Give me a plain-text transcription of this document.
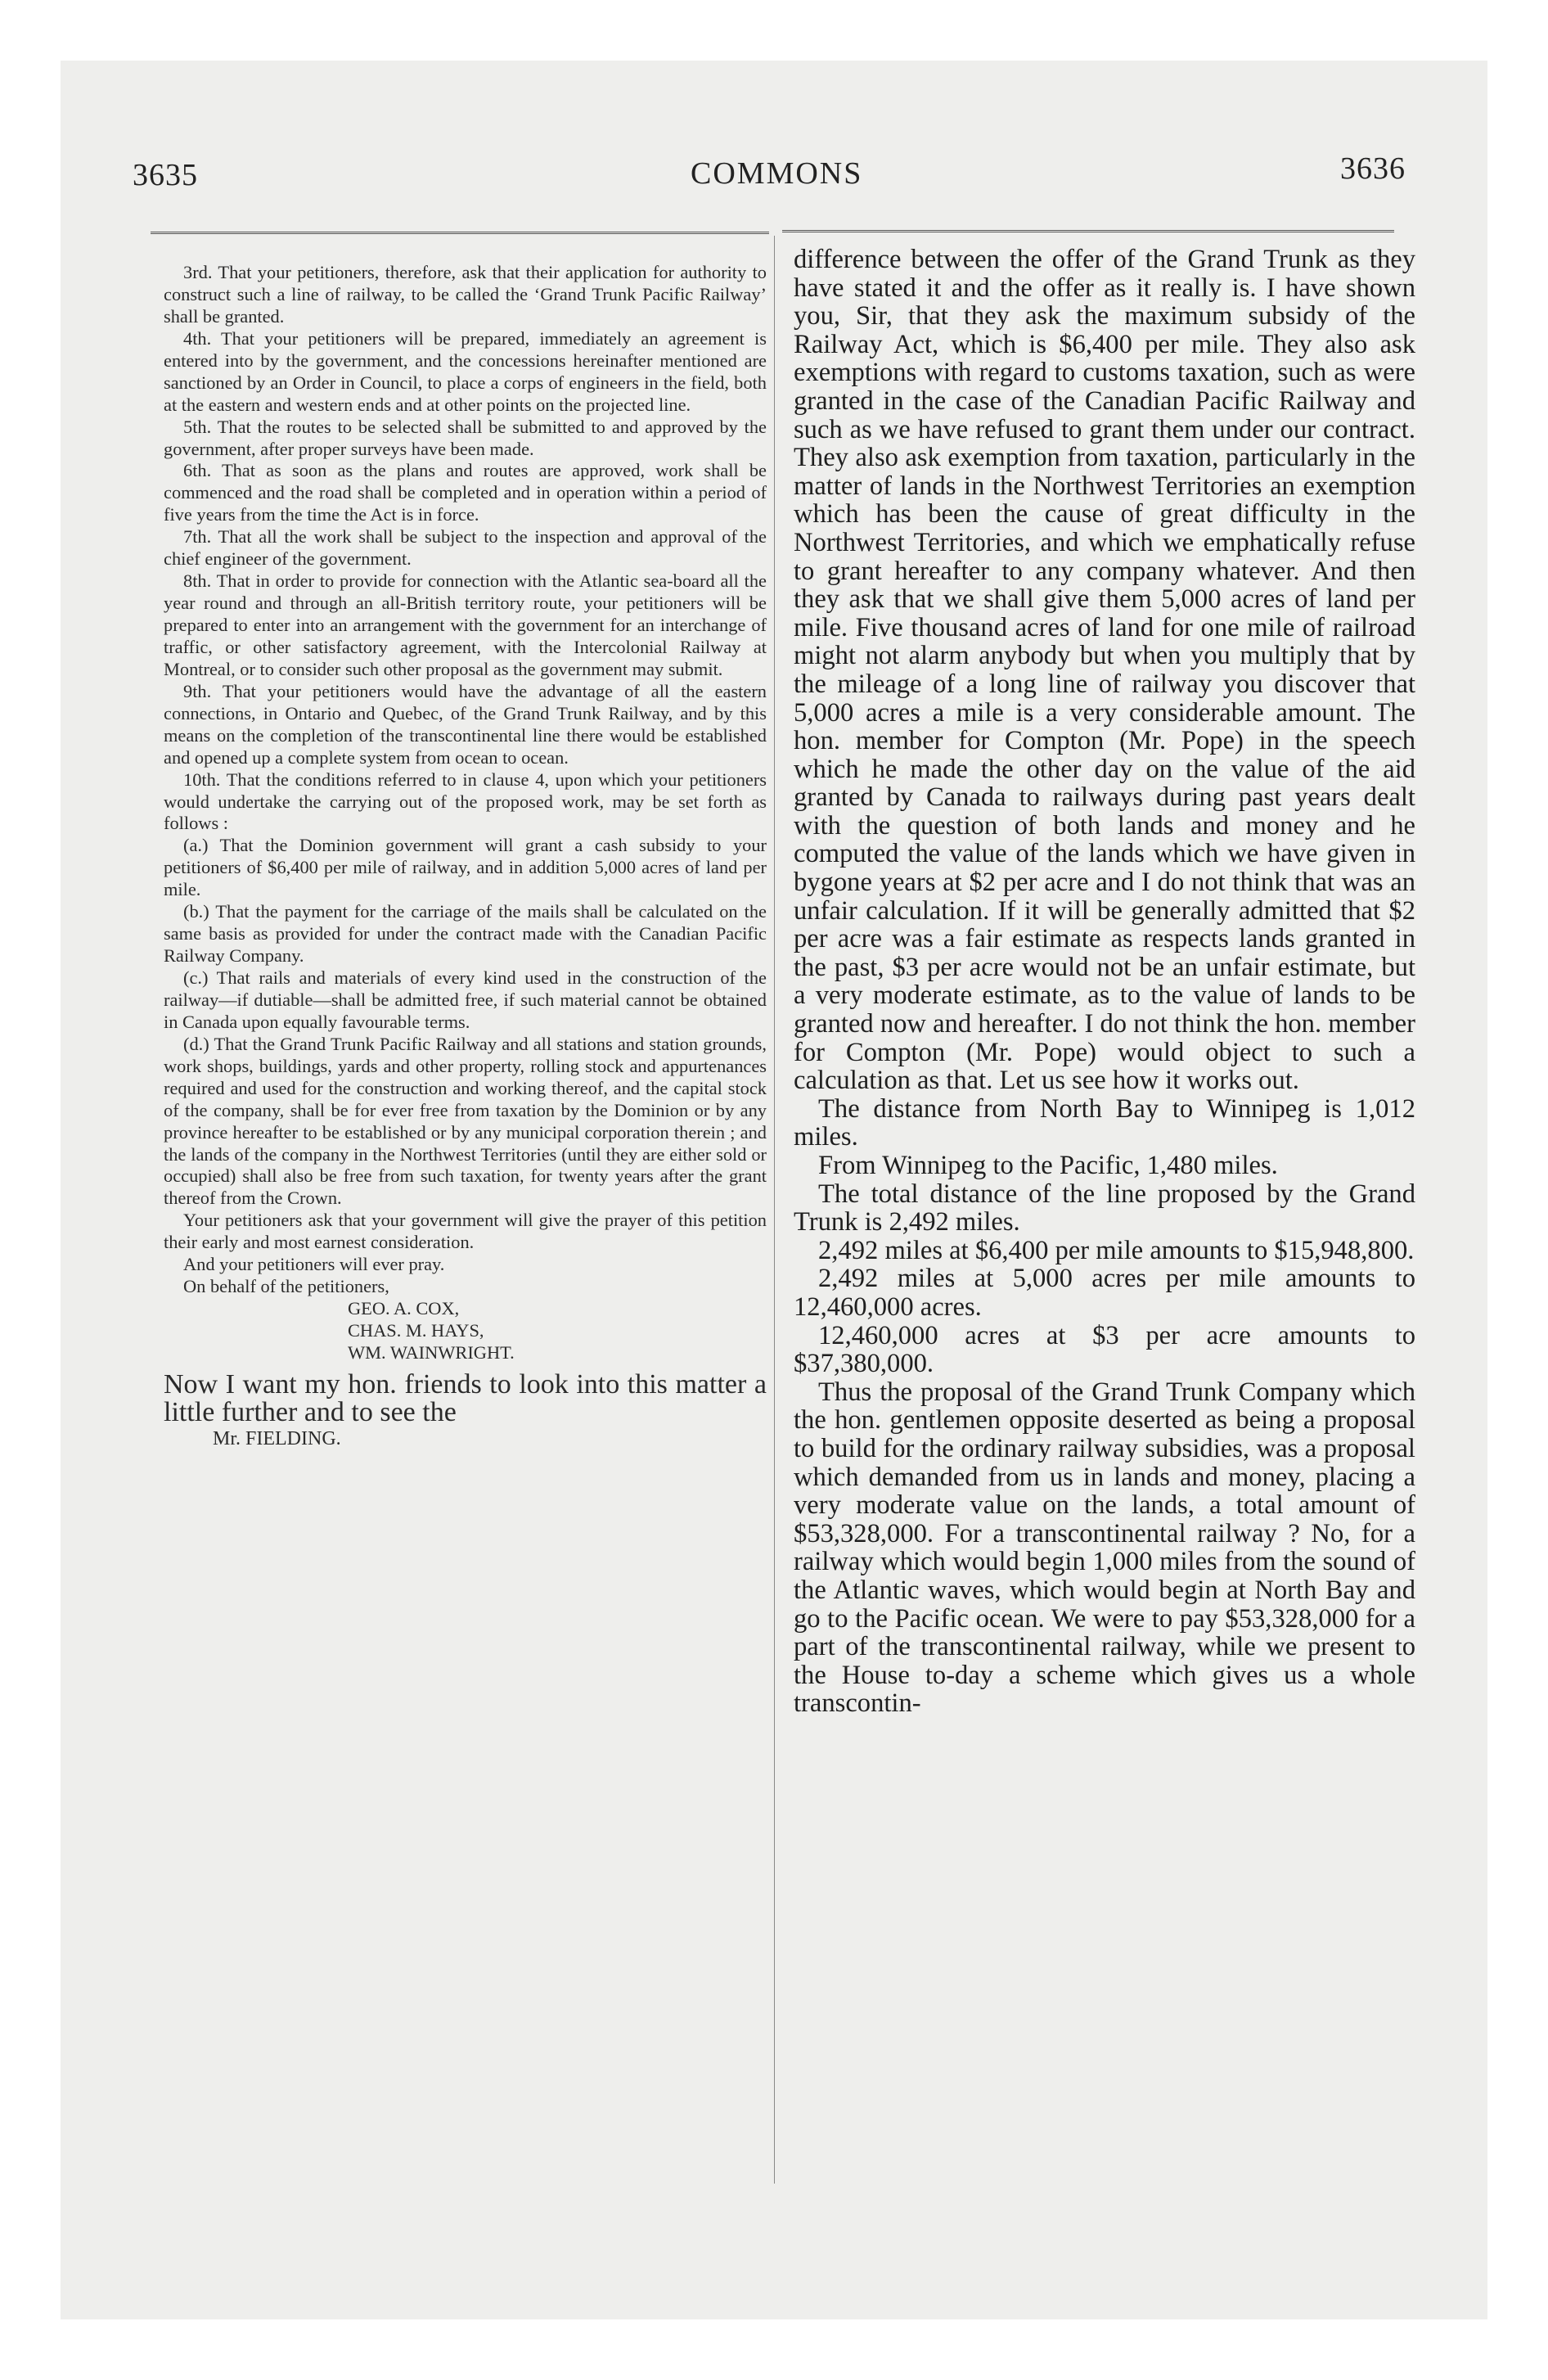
3635	COMMONS	3636

3rd. That your petitioners, therefore, ask that their application for authority to construct such a line of railway, to be called the ‘Grand Trunk Pacific Railway’ shall be granted.

4th. That your petitioners will be prepared, immediately an agreement is entered into by the government, and the concessions hereinafter mentioned are sanctioned by an Order in Council, to place a corps of engineers in the field, both at the eastern and western ends and at other points on the projected line.

5th. That the routes to be selected shall be submitted to and approved by the government, after proper surveys have been made.

6th. That as soon as the plans and routes are approved, work shall be commenced and the road shall be completed and in operation within a period of five years from the time the Act is in force.

7th. That all the work shall be subject to the inspection and approval of the chief engineer of the government.

8th. That in order to provide for connection with the Atlantic sea-board all the year round and through an all-British territory route, your petitioners will be prepared to enter into an arrangement with the government for an interchange of traffic, or other satisfactory agreement, with the Intercolonial Railway at Montreal, or to consider such other proposal as the government may submit.

9th. That your petitioners would have the advantage of all the eastern connections, in Ontario and Quebec, of the Grand Trunk Railway, and by this means on the completion of the transcontinental line there would be established and opened up a complete system from ocean to ocean.

10th. That the conditions referred to in clause 4, upon which your petitioners would undertake the carrying out of the proposed work, may be set forth as follows :

(a.) That the Dominion government will grant a cash subsidy to your petitioners of $6,400 per mile of railway, and in addition 5,000 acres of land per mile.

(b.) That the payment for the carriage of the mails shall be calculated on the same basis as provided for under the contract made with the Canadian Pacific Railway Company.

(c.) That rails and materials of every kind used in the construction of the railway—if dutiable—shall be admitted free, if such material cannot be obtained in Canada upon equally favourable terms.

(d.) That the Grand Trunk Pacific Railway and all stations and station grounds, work shops, buildings, yards and other property, rolling stock and appurtenances required and used for the construction and working thereof, and the capital stock of the company, shall be for ever free from taxation by the Dominion or by any province hereafter to be established or by any municipal corporation therein ; and the lands of the company in the Northwest Territories (until they are either sold or occupied) shall also be free from such taxation, for twenty years after the grant thereof from the Crown.

Your petitioners ask that your government will give the prayer of this petition their early and most earnest consideration.

And your petitioners will ever pray.

On behalf of the petitioners,

GEO. A. COX,

CHAS. M. HAYS,

WM. WAINWRIGHT.

Now I want my hon. friends to look into this matter a little further and to see the

Mr. FIELDING.

difference between the offer of the Grand Trunk as they have stated it and the offer as it really is. I have shown you, Sir, that they ask the maximum subsidy of the Railway Act, which is $6,400 per mile. They also ask exemptions with regard to customs taxation, such as were granted in the case of the Canadian Pacific Railway and such as we have refused to grant them under our contract. They also ask exemption from taxation, particularly in the matter of lands in the Northwest Territories an exemption which has been the cause of great difficulty in the Northwest Territories, and which we emphatically refuse to grant hereafter to any company whatever. And then they ask that we shall give them 5,000 acres of land per mile. Five thousand acres of land for one mile of railroad might not alarm anybody but when you multiply that by the mileage of a long line of railway you discover that 5,000 acres a mile is a very considerable amount. The hon. member for Compton (Mr. Pope) in the speech which he made the other day on the value of the aid granted by Canada to railways during past years dealt with the question of both lands and money and he computed the value of the lands which we have given in bygone years at $2 per acre and I do not think that was an unfair calculation. If it will be generally admitted that $2 per acre was a fair estimate as respects lands granted in the past, $3 per acre would not be an unfair estimate, but a very moderate estimate, as to the value of lands to be granted now and hereafter. I do not think the hon. member for Compton (Mr. Pope) would object to such a calculation as that. Let us see how it works out.

The distance from North Bay to Winnipeg is 1,012 miles.

From Winnipeg to the Pacific, 1,480 miles.

The total distance of the line proposed by the Grand Trunk is 2,492 miles.

2,492 miles at $6,400 per mile amounts to $15,948,800.

2,492 miles at 5,000 acres per mile amounts to 12,460,000 acres.

12,460,000 acres at $3 per acre amounts to $37,380,000.

Thus the proposal of the Grand Trunk Company which the hon. gentlemen opposite deserted as being a proposal to build for the ordinary railway subsidies, was a proposal which demanded from us in lands and money, placing a very moderate value on the lands, a total amount of $53,328,000. For a transcontinental railway ? No, for a railway which would begin 1,000 miles from the sound of the Atlantic waves, which would begin at North Bay and go to the Pacific ocean. We were to pay $53,328,000 for a part of the transcontinental railway, while we present to the House to-day a scheme which gives us a whole transcontin-
